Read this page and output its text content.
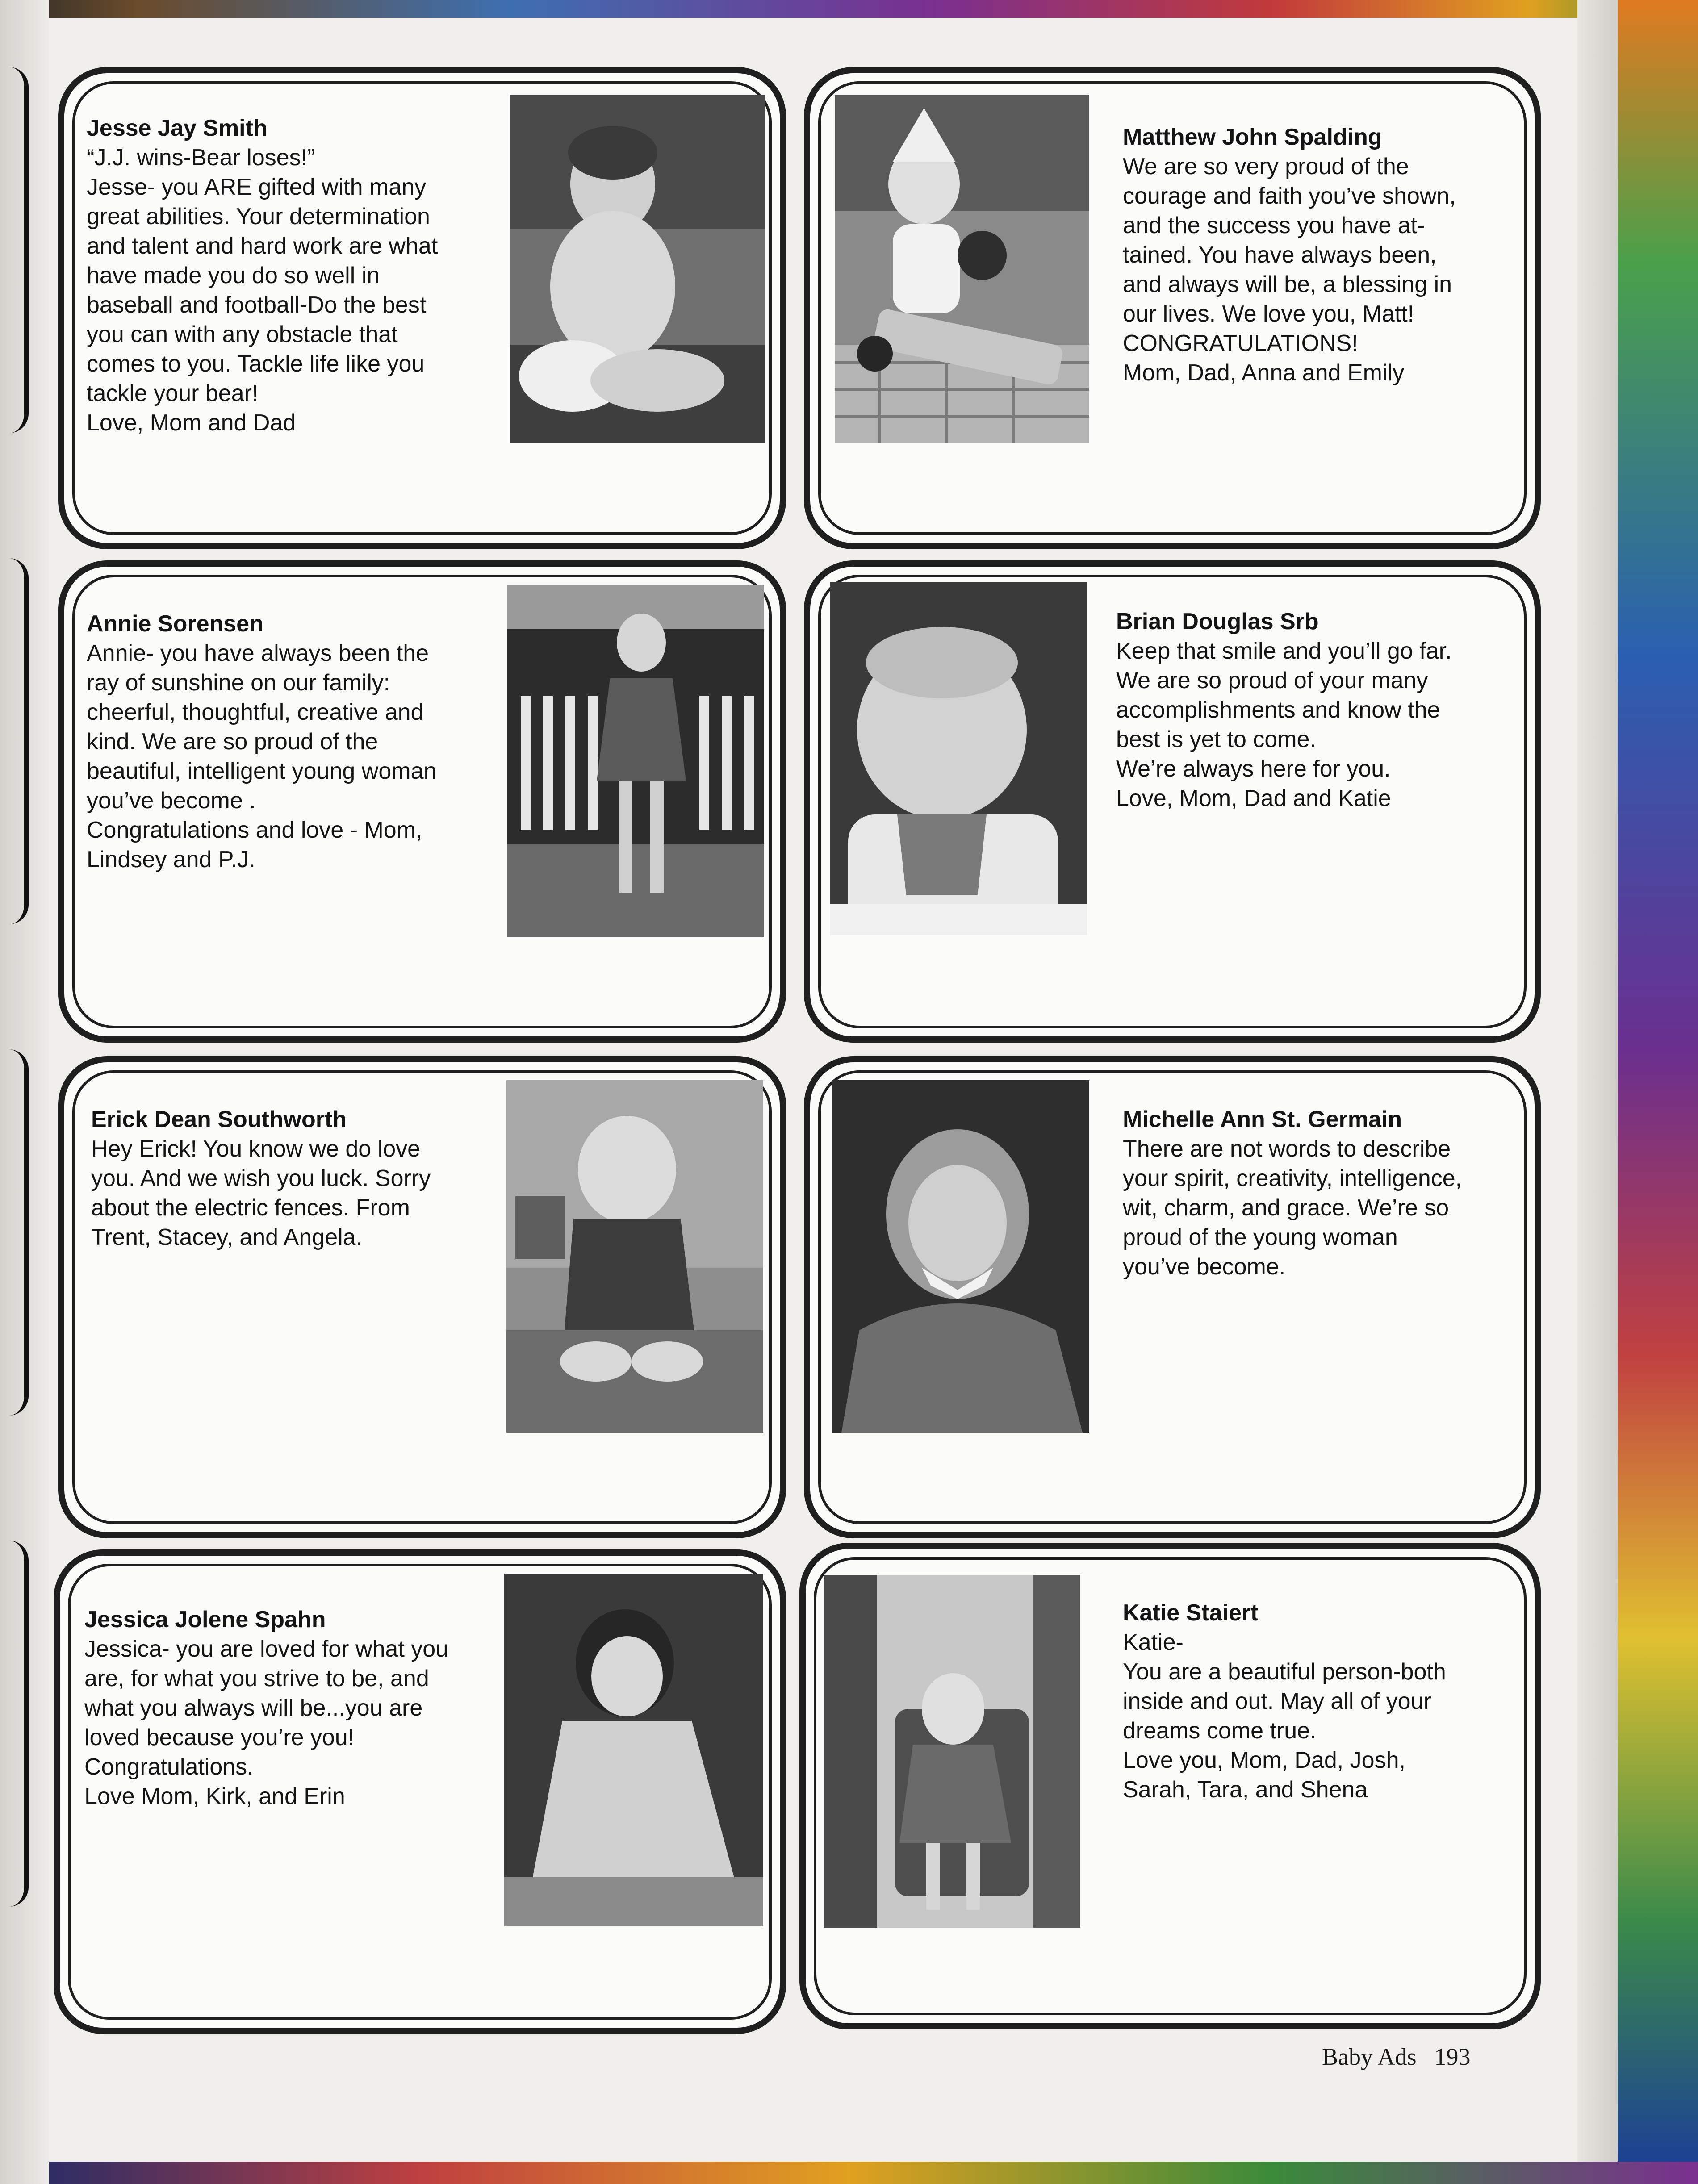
Jesse Jay Smith
“J.J. wins-Bear loses!”
Jesse- you ARE gifted with many
great abilities. Your determination
and talent and hard work are what
have made you do so well in
baseball and football-Do the best
you can with any obstacle that
comes to you. Tackle life like you
tackle your bear!
Love, Mom and Dad
Matthew John Spalding
We are so very proud of the
courage and faith you’ve shown,
and the success you have at-
tained. You have always been,
and always will be, a blessing in
our lives. We love you, Matt!
CONGRATULATIONS!
Mom, Dad, Anna and Emily
Annie Sorensen
Annie- you have always been the
ray of sunshine on our family:
cheerful, thoughtful, creative and
kind. We are so proud of the
beautiful, intelligent young woman
you’ve become .
Congratulations and love - Mom,
Lindsey and P.J.
Brian Douglas Srb
Keep that smile and you’ll go far.
We are so proud of your many
accomplishments and know the
best is yet to come.
We’re always here for you.
Love, Mom, Dad and Katie
Erick Dean Southworth
Hey Erick! You know we do love
you. And we wish you luck. Sorry
about the electric fences. From
Trent, Stacey, and Angela.
Michelle Ann St. Germain
There are not words to describe
your spirit, creativity, intelligence,
wit, charm, and grace. We’re so
proud of the young woman
you’ve become.
Jessica Jolene Spahn
Jessica- you are loved for what you
are, for what you strive to be, and
what you always will be...you are
loved because you’re you!
Congratulations.
Love Mom, Kirk, and Erin
Katie Staiert
Katie-
You are a beautiful person-both
inside and out. May all of your
dreams come true.
Love you, Mom, Dad, Josh,
Sarah, Tara, and Shena
Baby Ads 193
